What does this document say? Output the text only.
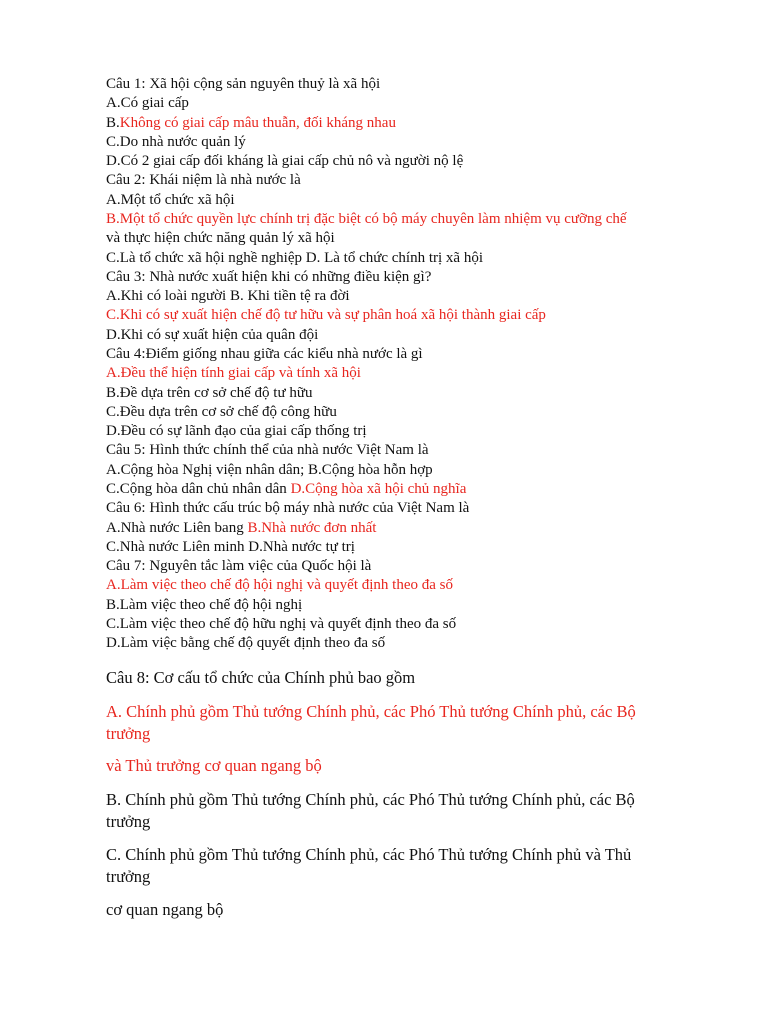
Câu 1: Xã hội cộng sản nguyên thuỷ là xã hội
A.Có giai cấp
B.Không có giai cấp mâu thuẫn, đối kháng nhau
C.Do nhà nước quản lý
D.Có 2 giai cấp đối kháng là giai cấp chủ nô và người nộ lệ
Câu 2: Khái niệm là nhà nước là
A.Một tổ chức xã hội
B.Một tổ chức quyền lực chính trị đặc biệt có bộ máy chuyên làm nhiệm vụ cưỡng chế
và thực hiện chức năng quản lý xã hội
C.Là tổ chức xã hội nghề nghiệp D. Là tổ chức chính trị xã hội
Câu 3: Nhà nước xuất hiện khi có những điều kiện gì?
A.Khi có loài người B. Khi tiền tệ ra đời
C.Khi có sự xuất hiện chế độ tư hữu và sự phân hoá xã hội thành giai cấp
D.Khi có sự xuất hiện của quân đội
Câu 4:Điểm giống nhau giữa các kiểu nhà nước là gì
A.Đều thể hiện tính giai cấp và tính xã hội
B.Đề dựa trên cơ sở chế độ tư hữu
C.Đều dựa trên cơ sở chế độ công hữu
D.Đều có sự lãnh đạo của giai cấp thống trị
Câu 5: Hình thức chính thể của nhà nước Việt Nam là
A.Cộng hòa Nghị viện nhân dân; B.Cộng hòa hỗn hợp
C.Cộng hòa dân chủ nhân dân D.Cộng hòa xã hội chủ nghĩa
Câu 6: Hình thức cấu trúc bộ máy nhà nước của Việt Nam là
A.Nhà nước Liên bang B.Nhà nước đơn nhất
C.Nhà nước Liên minh D.Nhà nước tự trị
Câu 7: Nguyên tắc làm việc của Quốc hội là
A.Làm việc theo chế độ hội nghị và quyết định theo đa số
B.Làm việc theo chế độ hội nghị
C.Làm việc theo chế độ hữu nghị và quyết định theo đa số
D.Làm việc bằng chế độ quyết định theo đa số
Câu 8: Cơ cấu tổ chức của Chính phủ bao gồm
A. Chính phủ gồm Thủ tướng Chính phủ, các Phó Thủ tướng Chính phủ, các Bộ
trưởng
và Thủ trưởng cơ quan ngang bộ
B. Chính phủ gồm Thủ tướng Chính phủ, các Phó Thủ tướng Chính phủ, các Bộ
trưởng
C. Chính phủ gồm Thủ tướng Chính phủ, các Phó Thủ tướng Chính phủ và Thủ
trưởng
cơ quan ngang bộ
